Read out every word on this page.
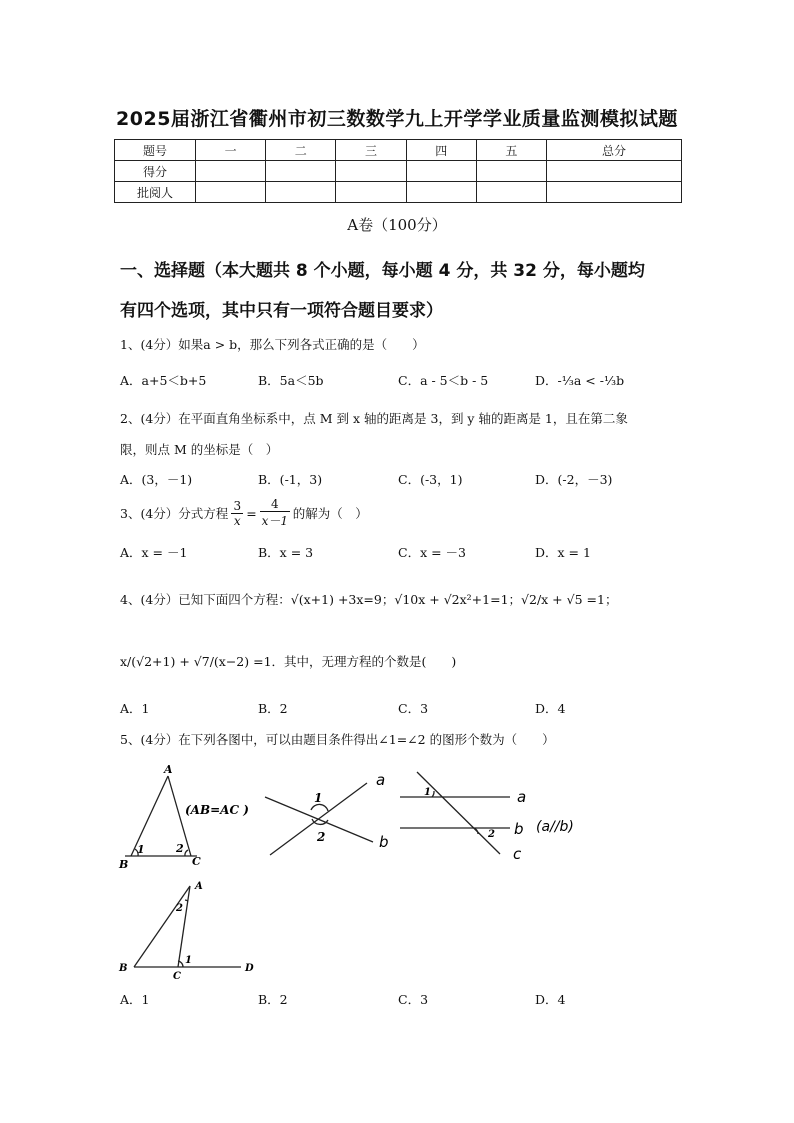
2025届浙江省衢州市初三数数学九上开学学业质量监测模拟试题
题号	一	二	三	四	五	总分
得分						
批阅人						
A卷（100分）
一、选择题（本大题共 8 个小题，每小题 4 分，共 32 分，每小题均
有四个选项，其中只有一项符合题目要求）
1、(4分）如果a > b，那么下列各式正确的是（　　）
A．a+5＜b+5	B．5a＜5b	C．a - 5＜b - 5	D．-⅓a < -⅓b
2、(4分）在平面直角坐标系中，点 M 到 x 轴的距离是 3，到 y 轴的距离是 1，且在第二象
限，则点 M 的坐标是（　）
A．(3，－1)	B．(-1，3)	C．(-3，1)	D．(-2，－3)
3、(4分）分式方程
3
x =
4
x－1 的解为（　）
A．x = －1	B．x = 3	C．x = －3	D．x = 1
4、(4分）已知下面四个方程：√(x+1) +3x=9；√10x + √2x²+1=1；√2/x + √5 =1；
x/(√2+1) + √7/(x−2) =1．其中，无理方程的个数是(　　)
A．1	B．2	C．3	D．4
5、(4分）在下列各图中，可以由题目条件得出∠1=∠2 的图形个数为（　　）
A
B	C
1	2
(AB=AC )
1
2
a
b
1
2
a
b
c
(a//b)
A
B
C
D
1
2
A．1	B．2	C．3	D．4
